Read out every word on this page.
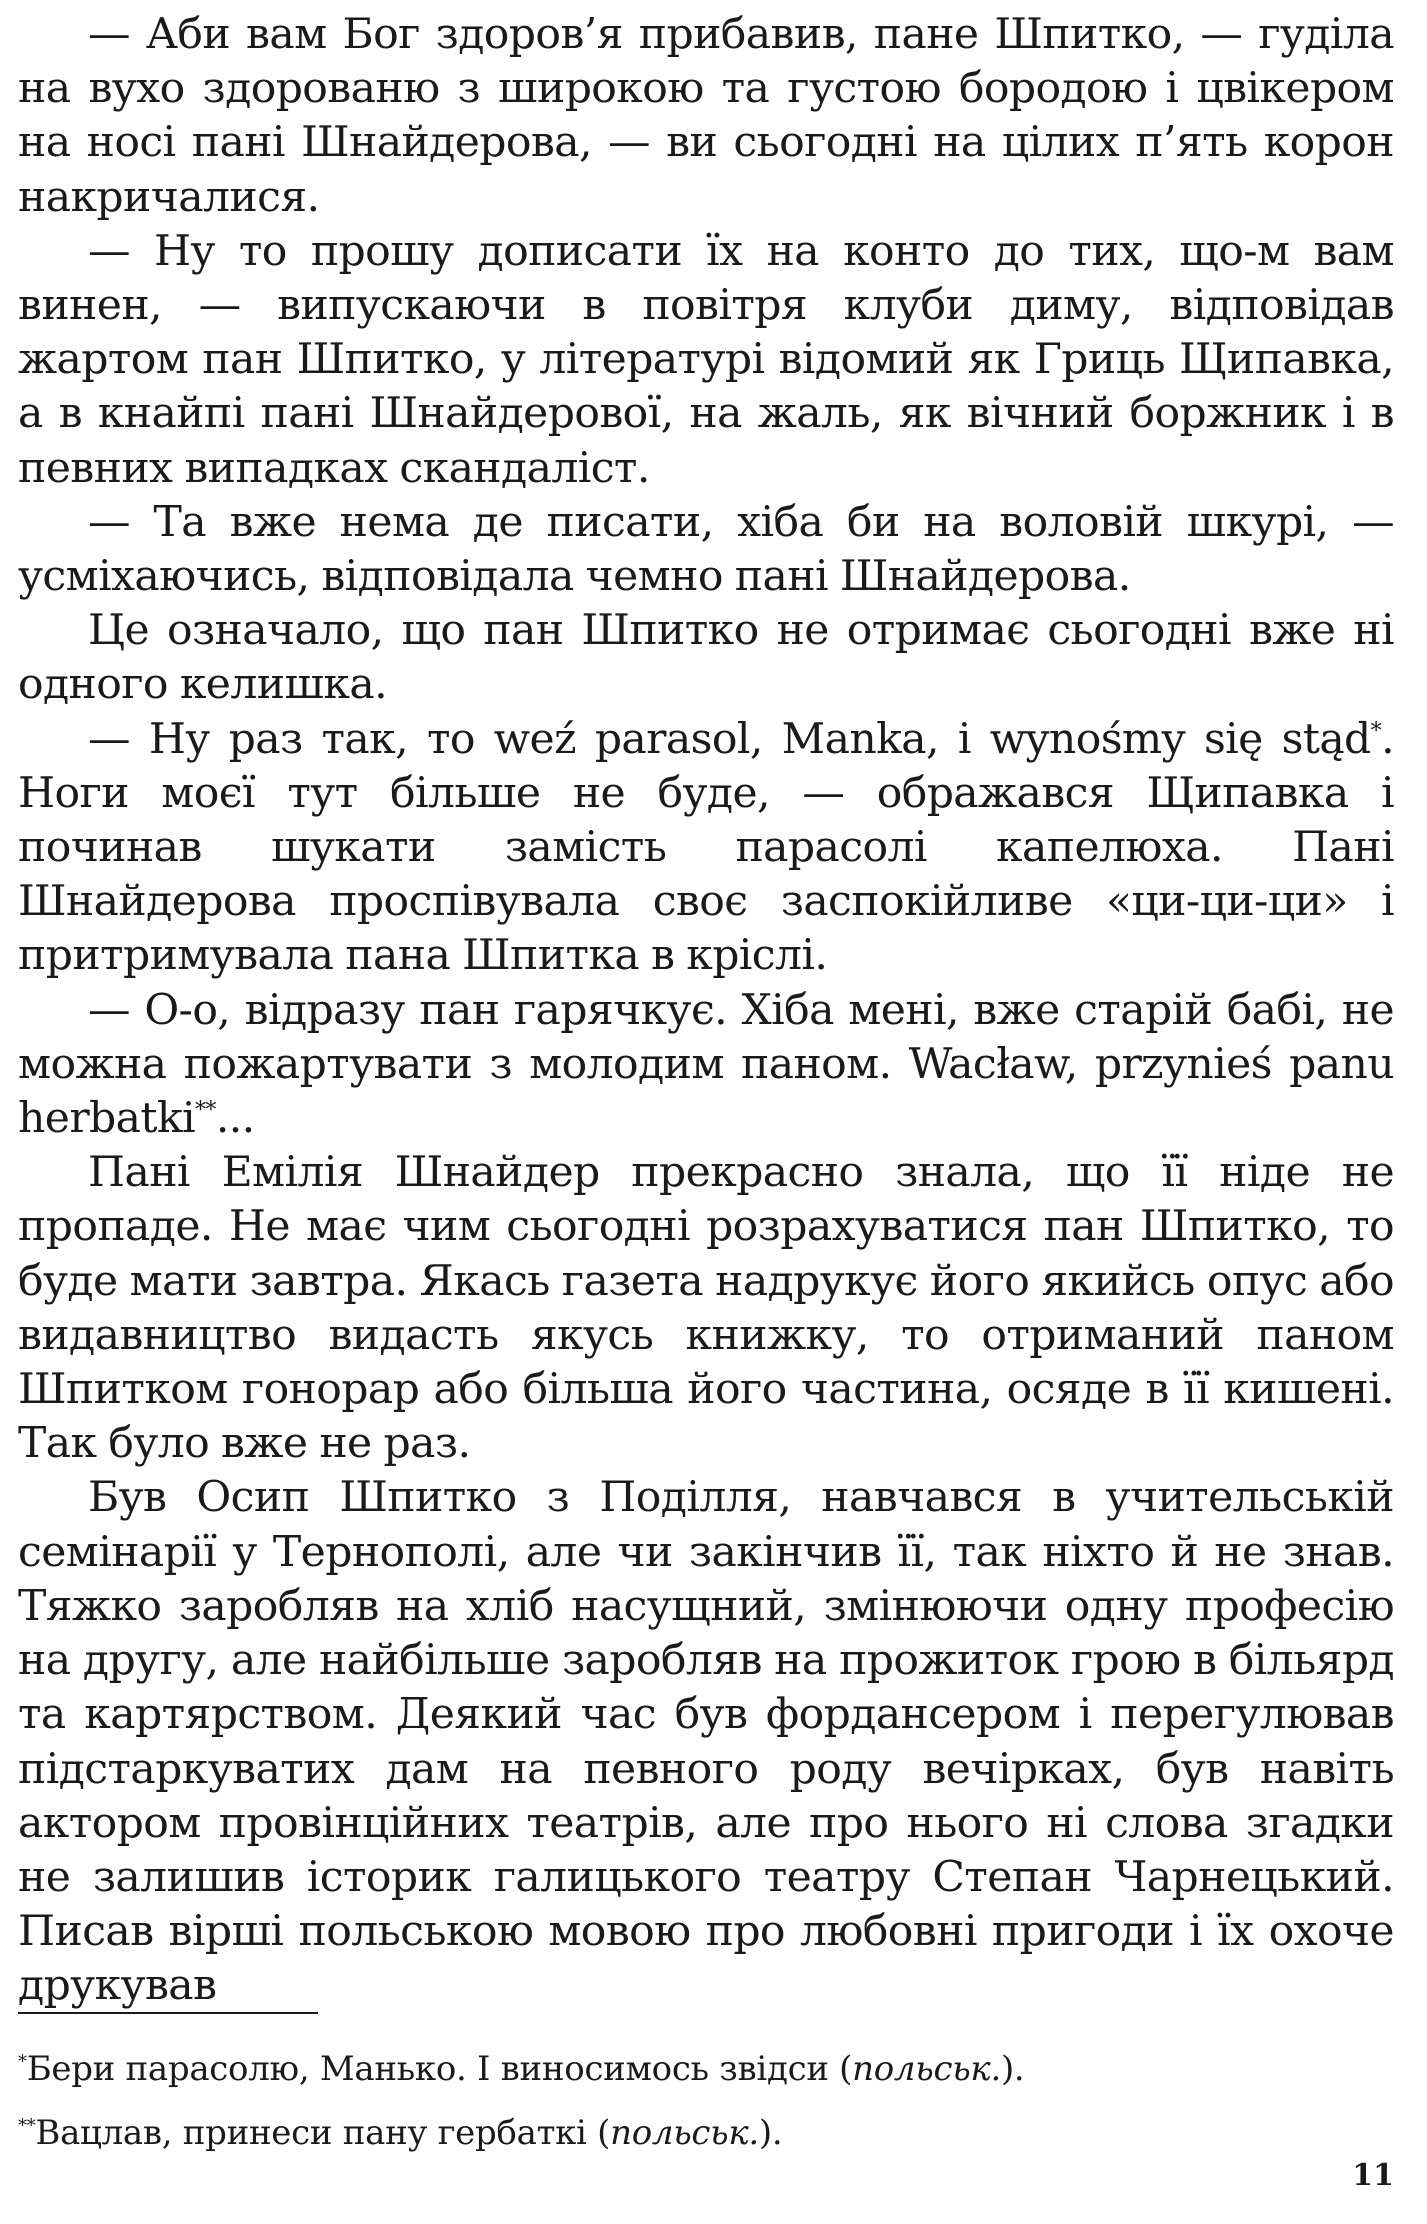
— Аби вам Бог здоров’я прибавив, пане Шпитко, — гуділа на вухо здорованю з широкою та густою бородою і цвікером на носі пані Шнайдерова, — ви сьогодні на цілих п’ять корон накричалися.

— Ну то прошу дописати їх на конто до тих, що-м вам винен, — випускаючи в повітря клуби диму, відповідав жартом пан Шпитко, у літературі відомий як Гриць Щипавка, а в кнайпі пані Шнайдерової, на жаль, як вічний боржник і в певних випадках скандаліст.

— Та вже нема де писати, хіба би на воловій шкурі, — усміхаючись, відповідала чемно пані Шнайдерова.

Це означало, що пан Шпитко не отримає сьогодні вже ні одного келишка.

— Ну раз так, то weź parasol, Manka, i wynośmy się stąd*. Ноги моєї тут більше не буде, — ображався Щипавка і починав шукати замість парасолі капелюха. Пані Шнайдерова проспівувала своє заспокійливе «ци-ци-ци» і притримувала пана Шпитка в кріслі.

— О-о, відразу пан гарячкує. Хіба мені, вже старій бабі, не можна пожартувати з молодим паном. Wacław, przynieś panu herbatki**...

Пані Емілія Шнайдер прекрасно знала, що її ніде не пропаде. Не має чим сьогодні розрахуватися пан Шпитко, то буде мати завтра. Якась газета надрукує його якийсь опус або видавництво видасть якусь книжку, то отриманий паном Шпитком гонорар або більша його частина, осяде в її кишені. Так було вже не раз.

Був Осип Шпитко з Поділля, навчався в учительській семінарії у Тернополі, але чи закінчив її, так ніхто й не знав. Тяжко заробляв на хліб насущний, змінюючи одну професію на другу, але найбільше заробляв на прожиток грою в більярд та картярством. Деякий час був фордансером і перегулював підстаркуватих дам на певного роду вечірках, був навіть актором провінційних театрів, але про нього ні слова згадки не залишив історик галицького театру Степан Чарнецький. Писав вірші польською мовою про любовні пригоди і їх охоче друкував

*Бери парасолю, Манько. І виносимось звідси (польськ.).

**Вацлав, принеси пану гербаткі (польськ.).

11
